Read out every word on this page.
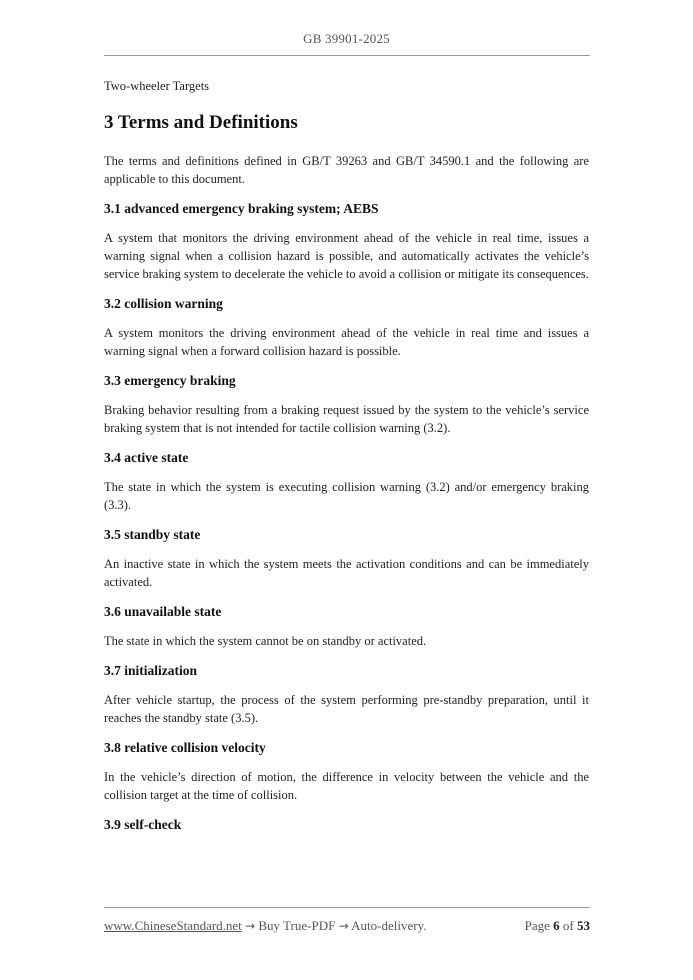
GB 39901-2025

Two-wheeler Targets

3 Terms and Definitions

The terms and definitions defined in GB/T 39263 and GB/T 34590.1 and the following are applicable to this document.

3.1 advanced emergency braking system; AEBS

A system that monitors the driving environment ahead of the vehicle in real time, issues a warning signal when a collision hazard is possible, and automatically activates the vehicle’s service braking system to decelerate the vehicle to avoid a collision or mitigate its consequences.

3.2 collision warning

A system monitors the driving environment ahead of the vehicle in real time and issues a warning signal when a forward collision hazard is possible.

3.3 emergency braking

Braking behavior resulting from a braking request issued by the system to the vehicle’s service braking system that is not intended for tactile collision warning (3.2).

3.4 active state

The state in which the system is executing collision warning (3.2) and/or emergency braking (3.3).

3.5 standby state

An inactive state in which the system meets the activation conditions and can be immediately activated.

3.6 unavailable state

The state in which the system cannot be on standby or activated.

3.7 initialization

After vehicle startup, the process of the system performing pre-standby preparation, until it reaches the standby state (3.5).

3.8 relative collision velocity

In the vehicle’s direction of motion, the difference in velocity between the vehicle and the collision target at the time of collision.

3.9 self-check
www.ChineseStandard.net → Buy True-PDF → Auto-delivery.	Page 6 of 53
